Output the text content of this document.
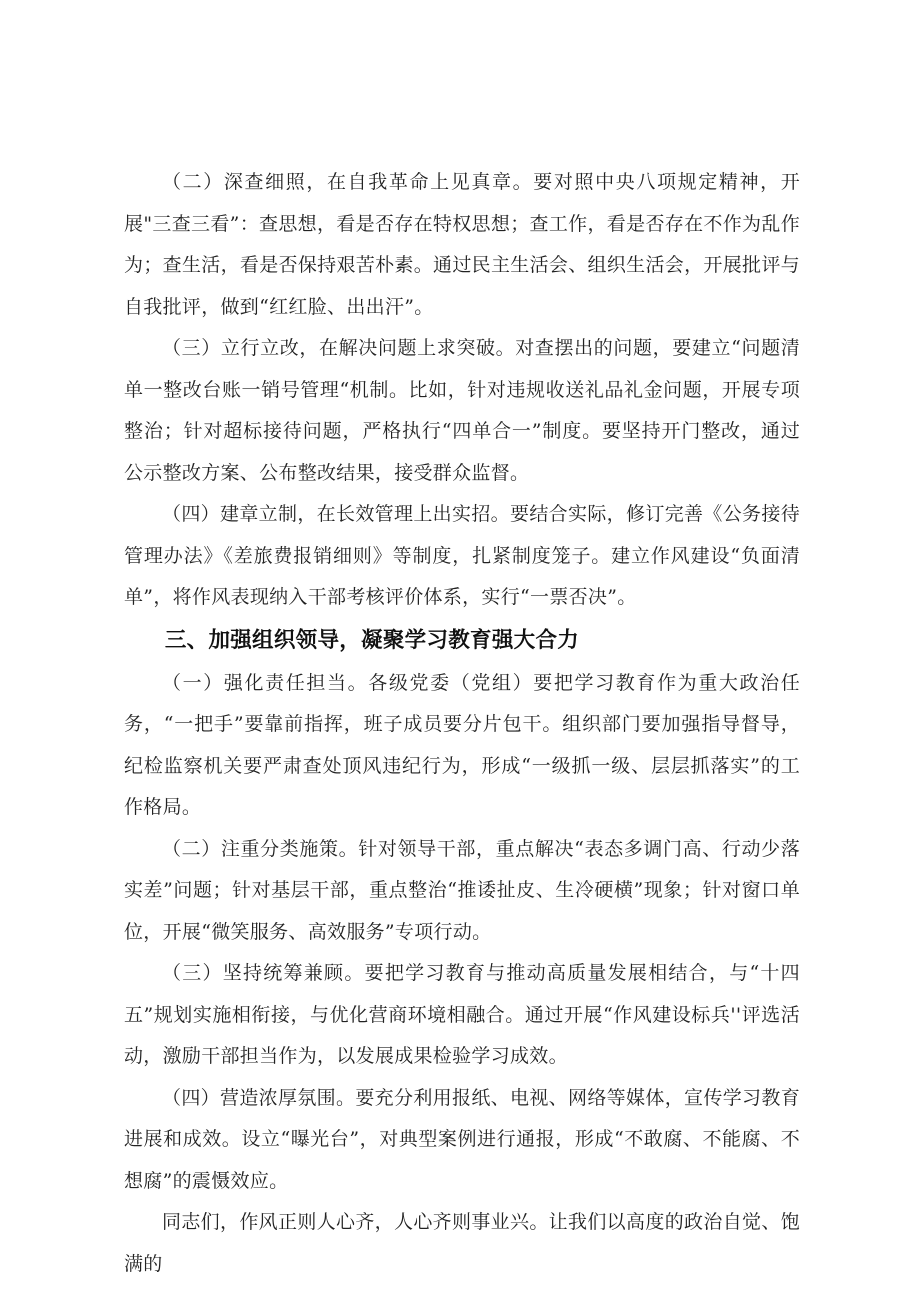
（二）深查细照，在自我革命上见真章。要对照中央八项规定精神，开展"三查三看”：查思想，看是否存在特权思想；查工作，看是否存在不作为乱作为；查生活，看是否保持艰苦朴素。通过民主生活会、组织生活会，开展批评与自我批评，做到“红红脸、出出汗”。

（三）立行立改，在解决问题上求突破。对查摆出的问题，要建立“问题清单一整改台账一销号管理“机制。比如，针对违规收送礼品礼金问题，开展专项整治；针对超标接待问题，严格执行“四单合一”制度。要坚持开门整改，通过公示整改方案、公布整改结果，接受群众监督。

（四）建章立制，在长效管理上出实招。要结合实际，修订完善《公务接待管理办法》《差旅费报销细则》等制度，扎紧制度笼子。建立作风建设“负面清单”，将作风表现纳入干部考核评价体系，实行“一票否决”。

三、加强组织领导，凝聚学习教育强大合力

（一）强化责任担当。各级党委（党组）要把学习教育作为重大政治任务，“一把手”要靠前指挥，班子成员要分片包干。组织部门要加强指导督导，纪检监察机关要严肃查处顶风违纪行为，形成“一级抓一级、层层抓落实”的工作格局。

（二）注重分类施策。针对领导干部，重点解决“表态多调门高、行动少落实差”问题；针对基层干部，重点整治“推诿扯皮、生冷硬横”现象；针对窗口单位，开展“微笑服务、高效服务”专项行动。

（三）坚持统筹兼顾。要把学习教育与推动高质量发展相结合，与“十四五”规划实施相衔接，与优化营商环境相融合。通过开展“作风建设标兵''评选活动，激励干部担当作为，以发展成果检验学习成效。

（四）营造浓厚氛围。要充分利用报纸、电视、网络等媒体，宣传学习教育进展和成效。设立“曝光台”，对典型案例进行通报，形成“不敢腐、不能腐、不想腐”的震慑效应。

同志们，作风正则人心齐，人心齐则事业兴。让我们以高度的政治自觉、饱满的
